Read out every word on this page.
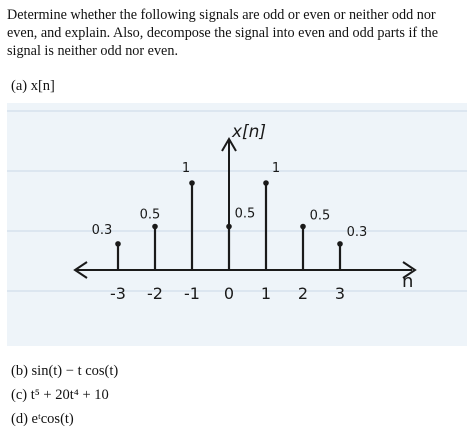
Determine whether the following signals are odd or even or neither odd nor even, and explain. Also, decompose the signal into even and odd parts if the signal is neither odd nor even.

(a) x[n]
-3 -2 -1 0 1 2 3
0.3
0.5
1
0.5
1
0.5
0.3
x[n]
n
(b) sin(t) − t cos(t)
(c) t⁵ + 20t⁴ + 10
(d) eᵗcos(t)
